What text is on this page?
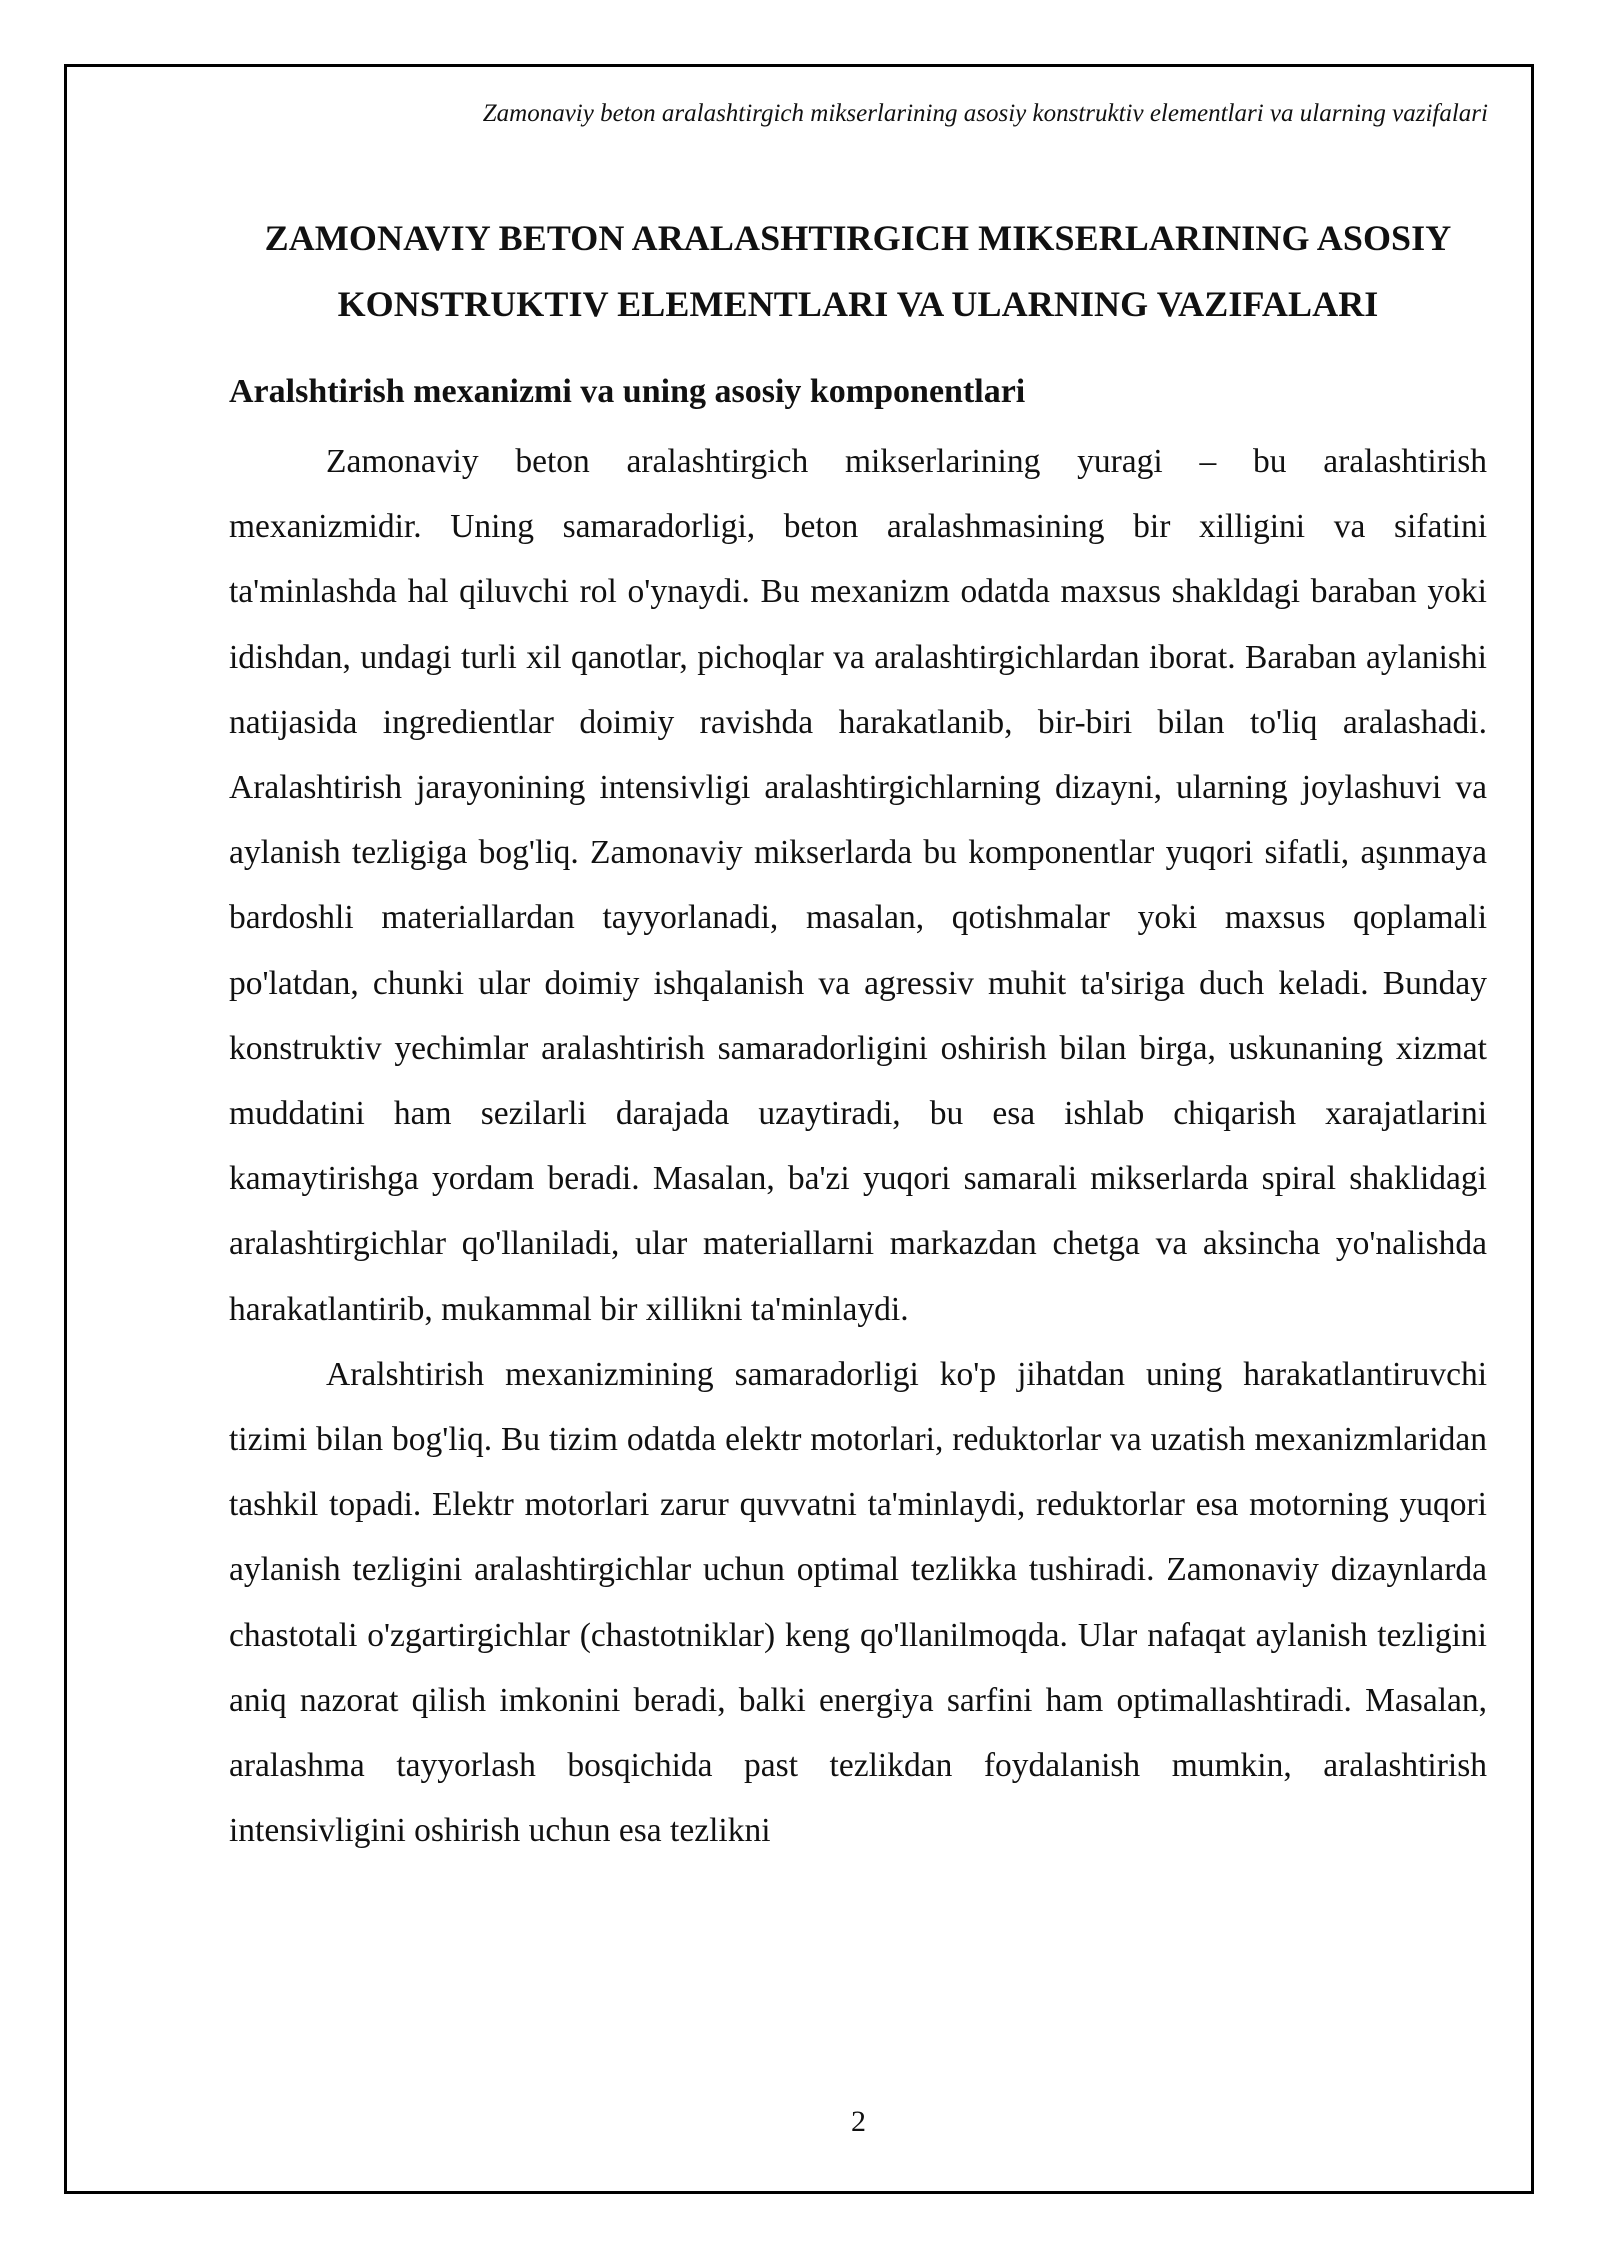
Zamonaviy beton aralashtirgich mikserlarining asosiy konstruktiv elementlari va ularning vazifalari
ZAMONAVIY BETON ARALASHTIRGICH MIKSERLARINING ASOSIY
KONSTRUKTIV ELEMENTLARI VA ULARNING VAZIFALARI
Aralshtirish mexanizmi va uning asosiy komponentlari

Zamonaviy beton aralashtirgich mikserlarining yuragi – bu aralashtirish mexanizmidir. Uning samaradorligi, beton aralashmasining bir xilligini va sifatini ta'minlashda hal qiluvchi rol o'ynaydi. Bu mexanizm odatda maxsus shakldagi baraban yoki idishdan, undagi turli xil qanotlar, pichoqlar va aralashtirgichlardan iborat. Baraban aylanishi natijasida ingredientlar doimiy ravishda harakatlanib, bir-biri bilan to'liq aralashadi. Aralashtirish jarayonining intensivligi aralashtirgichlarning dizayni, ularning joylashuvi va aylanish tezligiga bog'liq. Zamonaviy mikserlarda bu komponentlar yuqori sifatli, aşınmaya bardoshli materiallardan tayyorlanadi, masalan, qotishmalar yoki maxsus qoplamali po'latdan, chunki ular doimiy ishqalanish va agressiv muhit ta'siriga duch keladi. Bunday konstruktiv yechimlar aralashtirish samaradorligini oshirish bilan birga, uskunaning xizmat muddatini ham sezilarli darajada uzaytiradi, bu esa ishlab chiqarish xarajatlarini kamaytirishga yordam beradi. Masalan, ba'zi yuqori samarali mikserlarda spiral shaklidagi aralashtirgichlar qo'llaniladi, ular materiallarni markazdan chetga va aksincha yo'nalishda harakatlantirib, mukammal bir xillikni ta'minlaydi.

Aralshtirish mexanizmining samaradorligi ko'p jihatdan uning harakatlantiruvchi tizimi bilan bog'liq. Bu tizim odatda elektr motorlari, reduktorlar va uzatish mexanizmlaridan tashkil topadi. Elektr motorlari zarur quvvatni ta'minlaydi, reduktorlar esa motorning yuqori aylanish tezligini aralashtirgichlar uchun optimal tezlikka tushiradi. Zamonaviy dizaynlarda chastotali o'zgartirgichlar (chastotniklar) keng qo'llanilmoqda. Ular nafaqat aylanish tezligini aniq nazorat qilish imkonini beradi, balki energiya sarfini ham optimallashtiradi. Masalan, aralashma tayyorlash bosqichida past tezlikdan foydalanish mumkin, aralashtirish intensivligini oshirish uchun esa tezlikni

2
